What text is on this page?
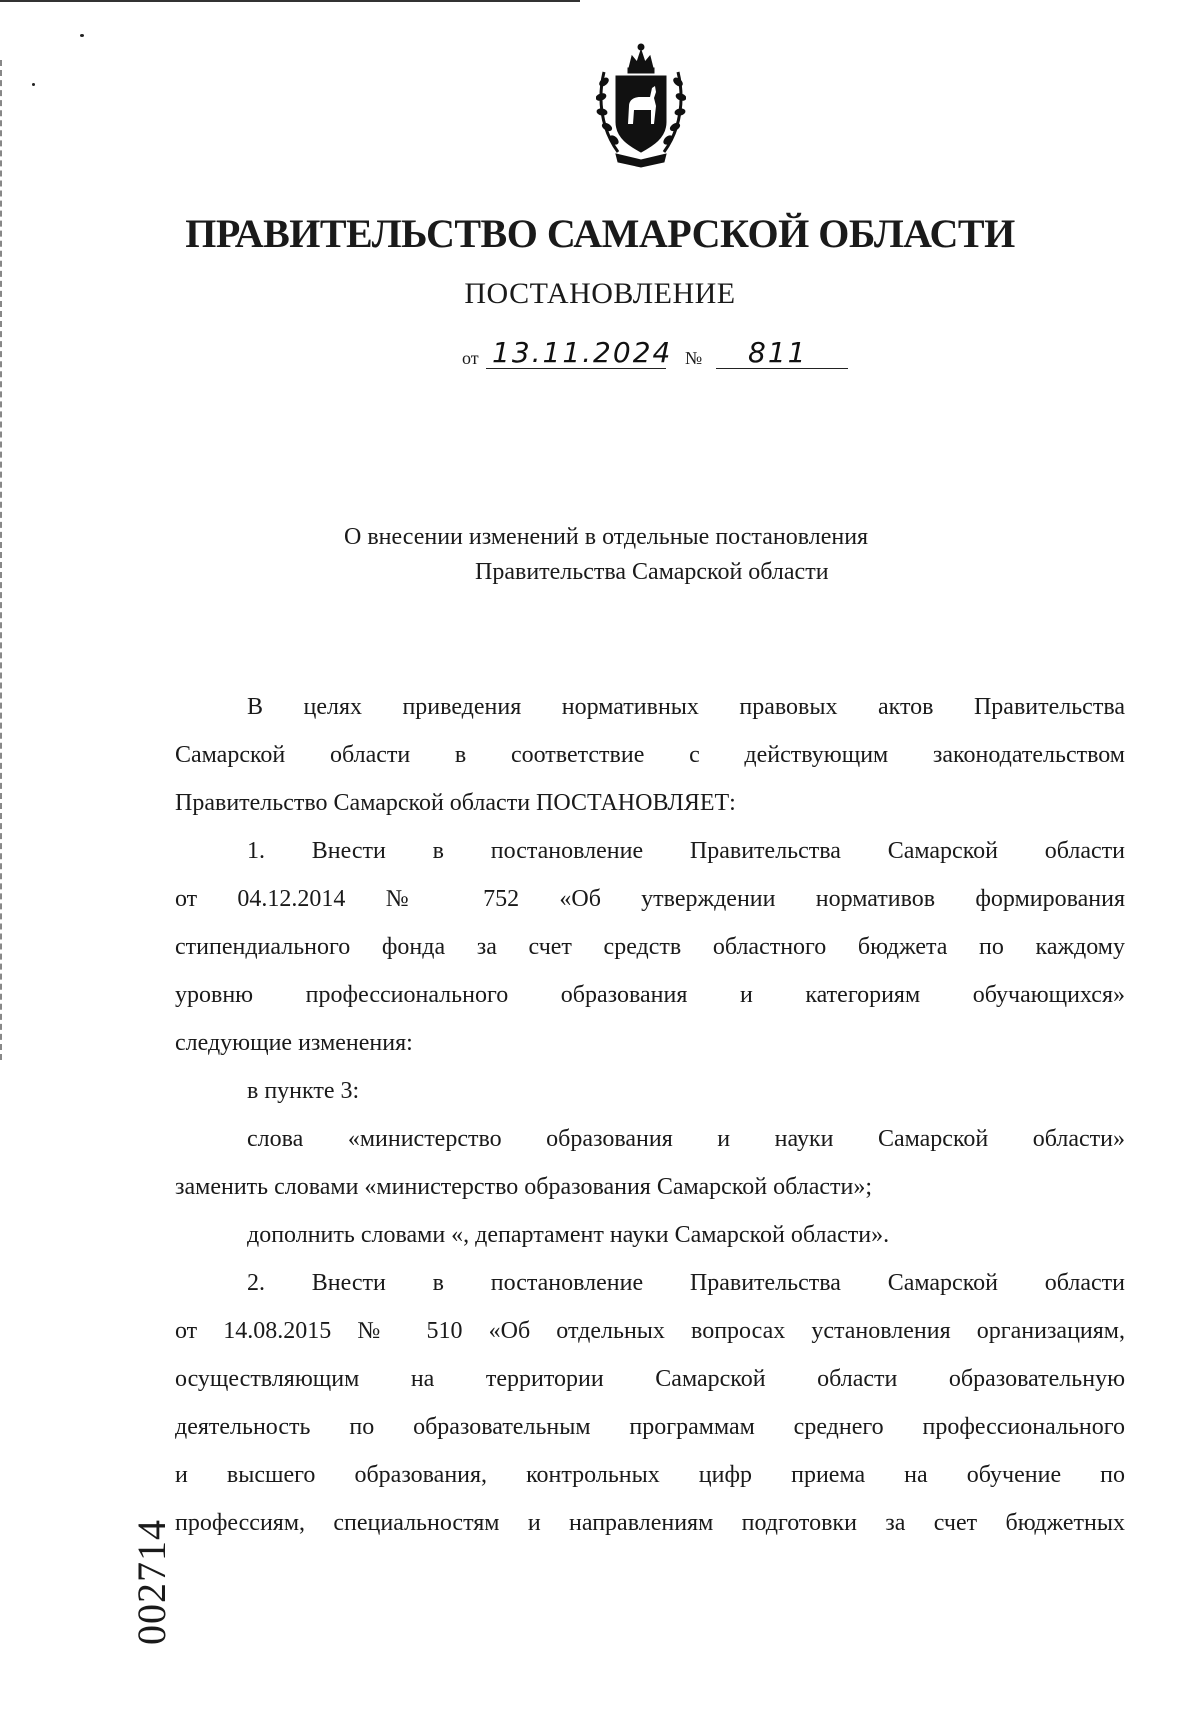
ПРАВИТЕЛЬСТВО САМАРСКОЙ ОБЛАСТИ
ПОСТАНОВЛЕНИЕ
от 13.11.2024 № 811
О внесении изменений в отдельные постановления
Правительства Самарской области
В целях приведения нормативных правовых актов Правительства
Самарской области в соответствие с действующим законодательством
Правительство Самарской области ПОСТАНОВЛЯЕТ:
1. Внести в постановление Правительства Самарской области
от 04.12.2014 № 752 «Об утверждении нормативов формирования
стипендиального фонда за счет средств областного бюджета по каждому
уровню профессионального образования и категориям обучающихся»
следующие изменения:
в пункте 3:
слова «министерство образования и науки Самарской области»
заменить словами «министерство образования Самарской области»;
дополнить словами «, департамент науки Самарской области».
2. Внести в постановление Правительства Самарской области
от 14.08.2015 № 510 «Об отдельных вопросах установления организациям,
осуществляющим на территории Самарской области образовательную
деятельность по образовательным программам среднего профессионального
и высшего образования, контрольных цифр приема на обучение по
профессиям, специальностям и направлениям подготовки за счет бюджетных
002714
